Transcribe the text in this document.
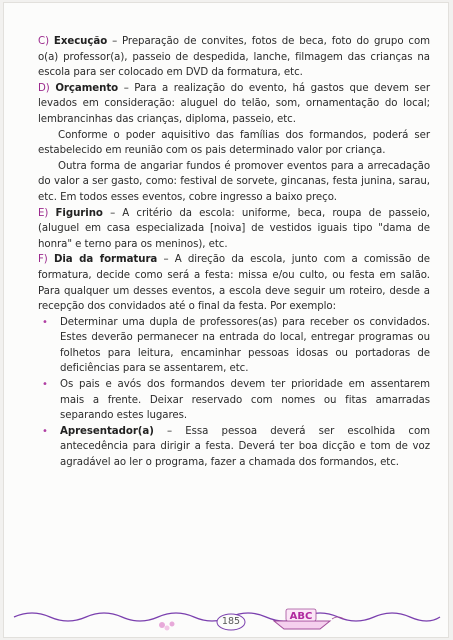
C) Execução – Preparação de convites, fotos de beca, foto do grupo com o(a) professor(a), passeio de despedida, lanche, filmagem das crianças na escola para ser colocado em DVD da formatura, etc.

D) Orçamento – Para a realização do evento, há gastos que devem ser levados em consideração: aluguel do telão, som, ornamentação do local; lembrancinhas das crianças, diploma, passeio, etc.

Conforme o poder aquisitivo das famílias dos formandos, poderá ser estabelecido em reunião com os pais determinado valor por criança.

Outra forma de angariar fundos é promover eventos para a arrecadação do valor a ser gasto, como: festival de sorvete, gincanas, festa junina, sarau, etc. Em todos esses eventos, cobre ingresso a baixo preço.

E) Figurino – A critério da escola: uniforme, beca, roupa de passeio, (aluguel em casa especializada [noiva] de vestidos iguais tipo "dama de honra" e terno para os meninos), etc.

F) Dia da formatura – A direção da escola, junto com a comissão de formatura, decide como será a festa: missa e/ou culto, ou festa em salão. Para qualquer um desses eventos, a escola deve seguir um roteiro, desde a recepção dos convidados até o final da festa. Por exemplo:

• Determinar uma dupla de professores(as) para receber os convidados. Estes deverão permanecer na entrada do local, entregar programas ou folhetos para leitura, encaminhar pessoas idosas ou portadoras de deficiências para se assentarem, etc.
• Os pais e avós dos formandos devem ter prioridade em assentarem mais a frente. Deixar reservado com nomes ou fitas amarradas separando estes lugares.
• Apresentador(a) – Essa pessoa deverá ser escolhida com antecedência para dirigir a festa. Deverá ter boa dicção e tom de voz agradável ao ler o programa, fazer a chamada dos formandos, etc.
ABC
185
